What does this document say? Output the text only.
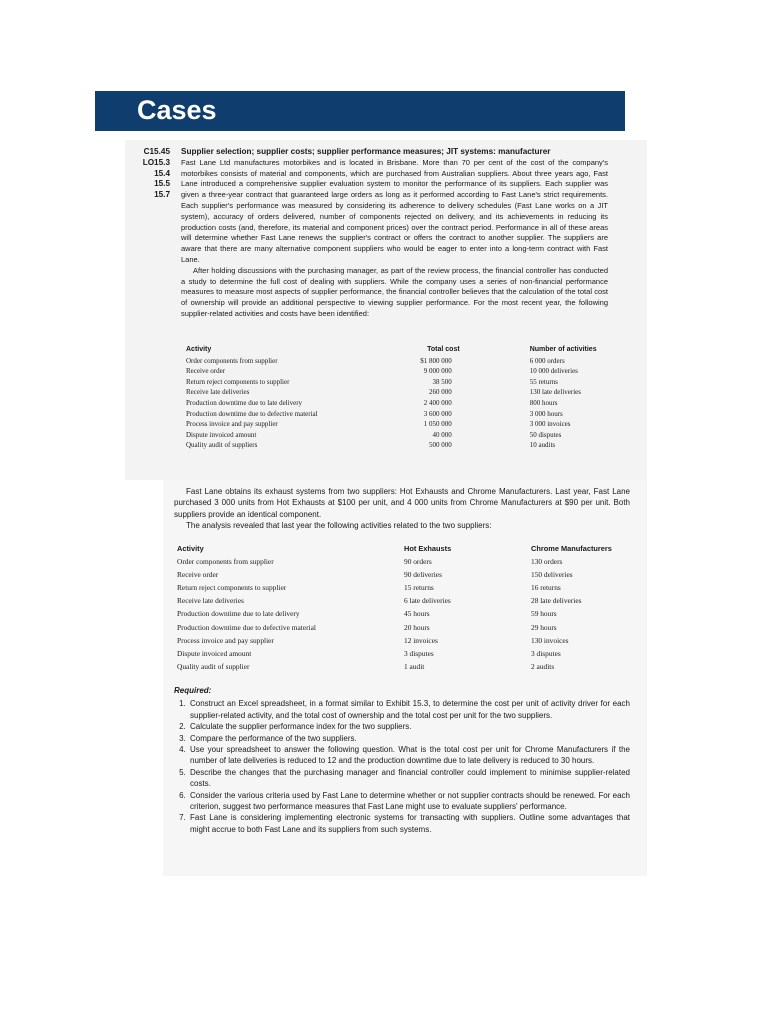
Cases
C15.45
LO15.3
15.4
15.5
15.7
Supplier selection; supplier costs; supplier performance measures; JIT systems: manufacturer

Fast Lane Ltd manufactures motorbikes and is located in Brisbane. More than 70 per cent of the cost of the company's motorbikes consists of material and components, which are purchased from Australian suppliers. About three years ago, Fast Lane introduced a comprehensive supplier evaluation system to monitor the performance of its suppliers. Each supplier was given a three-year contract that guaranteed large orders as long as it performed according to Fast Lane's strict requirements. Each supplier's performance was measured by considering its adherence to delivery schedules (Fast Lane works on a JIT system), accuracy of orders delivered, number of components rejected on delivery, and its achievements in reducing its production costs (and, therefore, its material and component prices) over the contract period. Performance in all of these areas will determine whether Fast Lane renews the supplier's contract or offers the contract to another supplier. The suppliers are aware that there are many alternative component suppliers who would be eager to enter into a long-term contract with Fast Lane.

After holding discussions with the purchasing manager, as part of the review process, the financial controller has conducted a study to determine the full cost of dealing with suppliers. While the company uses a series of non-financial performance measures to measure most aspects of supplier performance, the financial controller believes that the calculation of the total cost of ownership will provide an additional perspective to viewing supplier performance. For the most recent year, the following supplier-related activities and costs have been identified:

Activity	Total cost	Number of activities
Order components from supplier	$1 800 000	6 000 orders
Receive order	9 000 000	10 000 deliveries
Return reject components to supplier	38 500	55 returns
Receive late deliveries	260 000	130 late deliveries
Production downtime due to late delivery	2 400 000	800 hours
Production downtime due to defective material	3 600 000	3 000 hours
Process invoice and pay supplier	1 050 000	3 000 invoices
Dispute invoiced amount	40 000	50 disputes
Quality audit of suppliers	500 000	10 audits

Fast Lane obtains its exhaust systems from two suppliers: Hot Exhausts and Chrome Manufacturers. Last year, Fast Lane purchased 3 000 units from Hot Exhausts at $100 per unit, and 4 000 units from Chrome Manufacturers at $90 per unit. Both suppliers provide an identical component.

The analysis revealed that last year the following activities related to the two suppliers:

Activity	Hot Exhausts	Chrome Manufacturers
Order components from supplier	90 orders	130 orders
Receive order	90 deliveries	150 deliveries
Return reject components to supplier	15 returns	16 returns
Receive late deliveries	6 late deliveries	28 late deliveries
Production downtime due to late delivery	45 hours	59 hours
Production downtime due to defective material	20 hours	29 hours
Process invoice and pay supplier	12 invoices	130 invoices
Dispute invoiced amount	3 disputes	3 disputes
Quality audit of supplier	1 audit	2 audits
Required:
1. Construct an Excel spreadsheet, in a format similar to Exhibit 15.3, to determine the cost per unit of activity driver for each supplier-related activity, and the total cost of ownership and the total cost per unit for the two suppliers.
2. Calculate the supplier performance index for the two suppliers.
3. Compare the performance of the two suppliers.
4. Use your spreadsheet to answer the following question. What is the total cost per unit for Chrome Manufacturers if the number of late deliveries is reduced to 12 and the production downtime due to late delivery is reduced to 30 hours.
5. Describe the changes that the purchasing manager and financial controller could implement to minimise supplier-related costs.
6. Consider the various criteria used by Fast Lane to determine whether or not supplier contracts should be renewed. For each criterion, suggest two performance measures that Fast Lane might use to evaluate suppliers' performance.
7. Fast Lane is considering implementing electronic systems for transacting with suppliers. Outline some advantages that might accrue to both Fast Lane and its suppliers from such systems.
